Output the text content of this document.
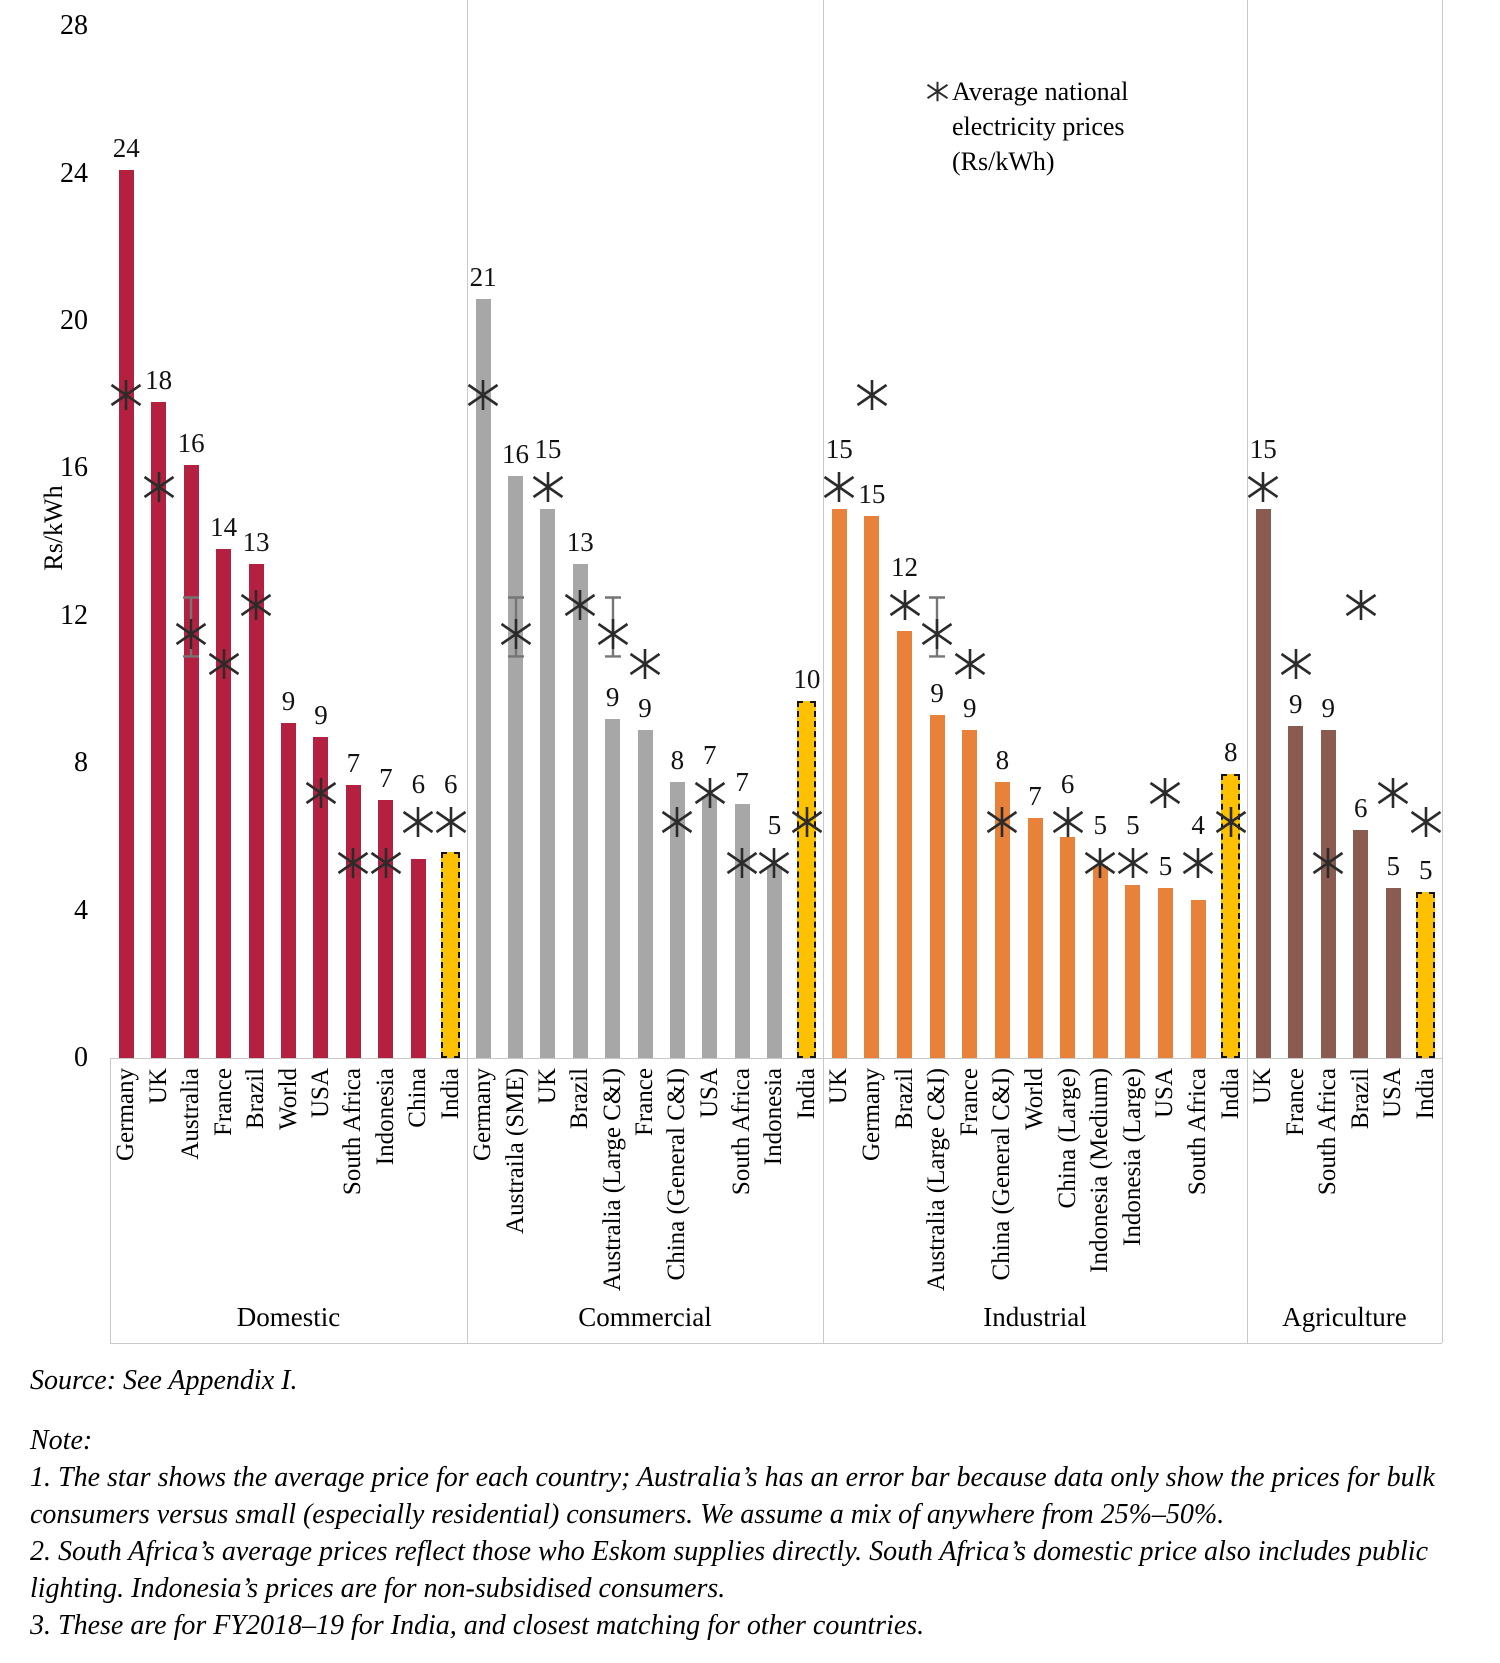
Rs/kWh
0
4
8
12
16
20
24
28
Domestic
24
Germany
18
UK
16
Australia
14
France
13
Brazil
9
World
9
USA
7
South Africa
7
Indonesia
6
China
6
India
Commercial
21
Germany
16
Austraila (SME)
15
UK
13
Brazil
9
Australia (Large C&I)
9
France
8
China (General C&I)
7
USA
7
South Africa
5
Indonesia
10
India
Industrial
15
UK
15
Germany
12
Brazil
9
Australia (Large C&I)
9
France
8
China (General C&I)
7
World
6
China (Large)
5
Indonesia (Medium)
5
Indonesia (Large)
5
USA
4
South Africa
8
India
Agriculture
15
UK
9
France
9
South Africa
6
Brazil
5
USA
5
India
Average national electricity prices (Rs/kWh)

Source: See Appendix I.

Note:

1. The star shows the average price for each country; Australia’s has an error bar because data only show the prices for bulk consumers versus small (especially residential) consumers. We assume a mix of anywhere from 25%–50%.

2. South Africa’s average prices reflect those who Eskom supplies directly. South Africa’s domestic price also includes public lighting. Indonesia’s prices are for non-subsidised consumers.

3. These are for FY2018–19 for India, and closest matching for other countries.
